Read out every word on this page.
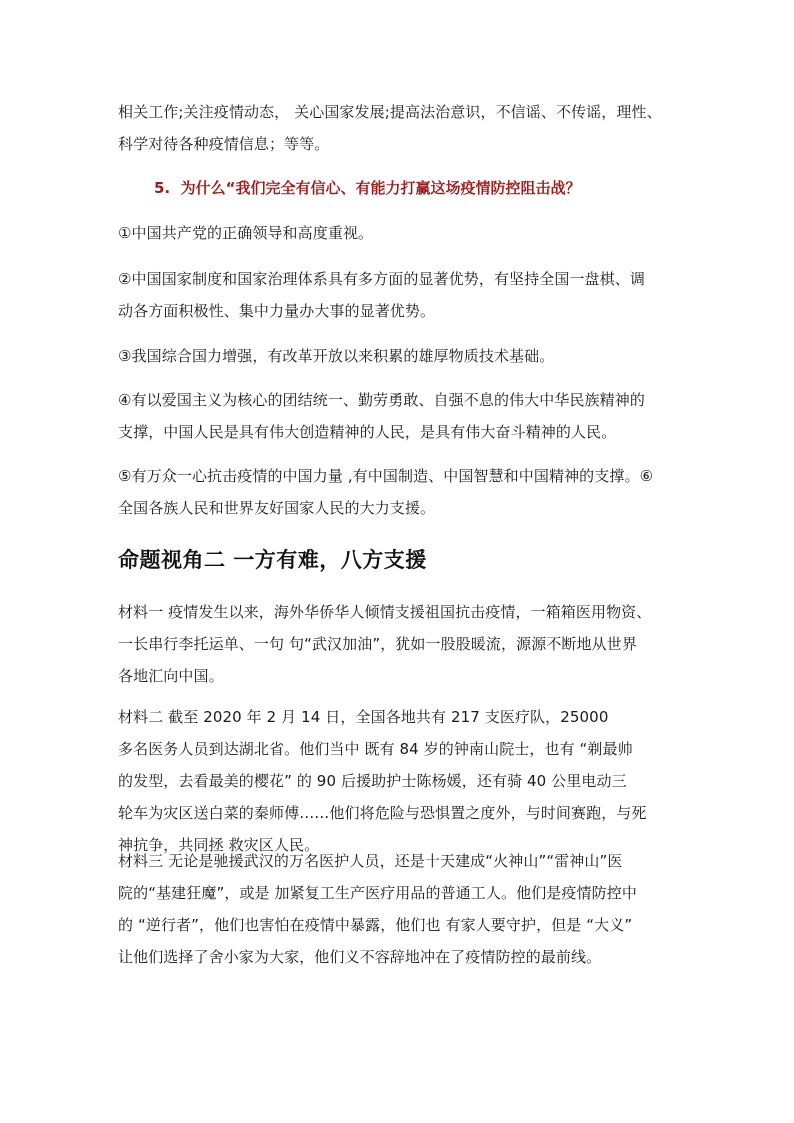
相关工作;关注疫情动态， 关心国家发展;提高法治意识，不信谣、不传谣，理性、
科学对待各种疫情信息；等等。

5. 为什么“我们完全有信心、有能力打赢这场疫情防控阻击战？

①中国共产党的正确领导和高度重视。

②中国国家制度和国家治理体系具有多方面的显著优势，有坚持全国一盘棋、调
动各方面积极性、集中力量办大事的显著优势。

③我国综合国力增强，有改革开放以来积累的雄厚物质技术基础。

④有以爱国主义为核心的团结统一、勤劳勇敢、自强不息的伟大中华民族精神的
支撑，中国人民是具有伟大创造精神的人民，是具有伟大奋斗精神的人民。

⑤有万众一心抗击疫情的中国力量 ,有中国制造、中国智慧和中国精神的支撑。⑥
全国各族人民和世界友好国家人民的大力支援。

命题视角二 一方有难，八方支援

材料一 疫情发生以来，海外华侨华人倾情支援祖国抗击疫情，一箱箱医用物资、
一长串行李托运单、一句 句“武汉加油”，犹如一股股暖流，源源不断地从世界
各地汇向中国。

材料二 截至 2020 年 2 月 14 日，全国各地共有 217 支医疗队，25000
多名医务人员到达湖北省。他们当中 既有 84 岁的钟南山院士，也有 “剃最帅
的发型，去看最美的樱花” 的 90 后援助护士陈杨媛，还有骑 40 公里电动三
轮车为灾区送白菜的秦师傅……他们将危险与恐惧置之度外，与时间赛跑，与死
神抗争，共同拯 救灾区人民。

材料三 无论是驰援武汉的万名医护人员，还是十天建成“火神山”“雷神山”医
院的“基建狂魔”，或是 加紧复工生产医疗用品的普通工人。他们是疫情防控中
的 “逆行者”，他们也害怕在疫情中暴露，他们也 有家人要守护，但是 “大义”
让他们选择了舍小家为大家，他们义不容辞地冲在了疫情防控的最前线。
